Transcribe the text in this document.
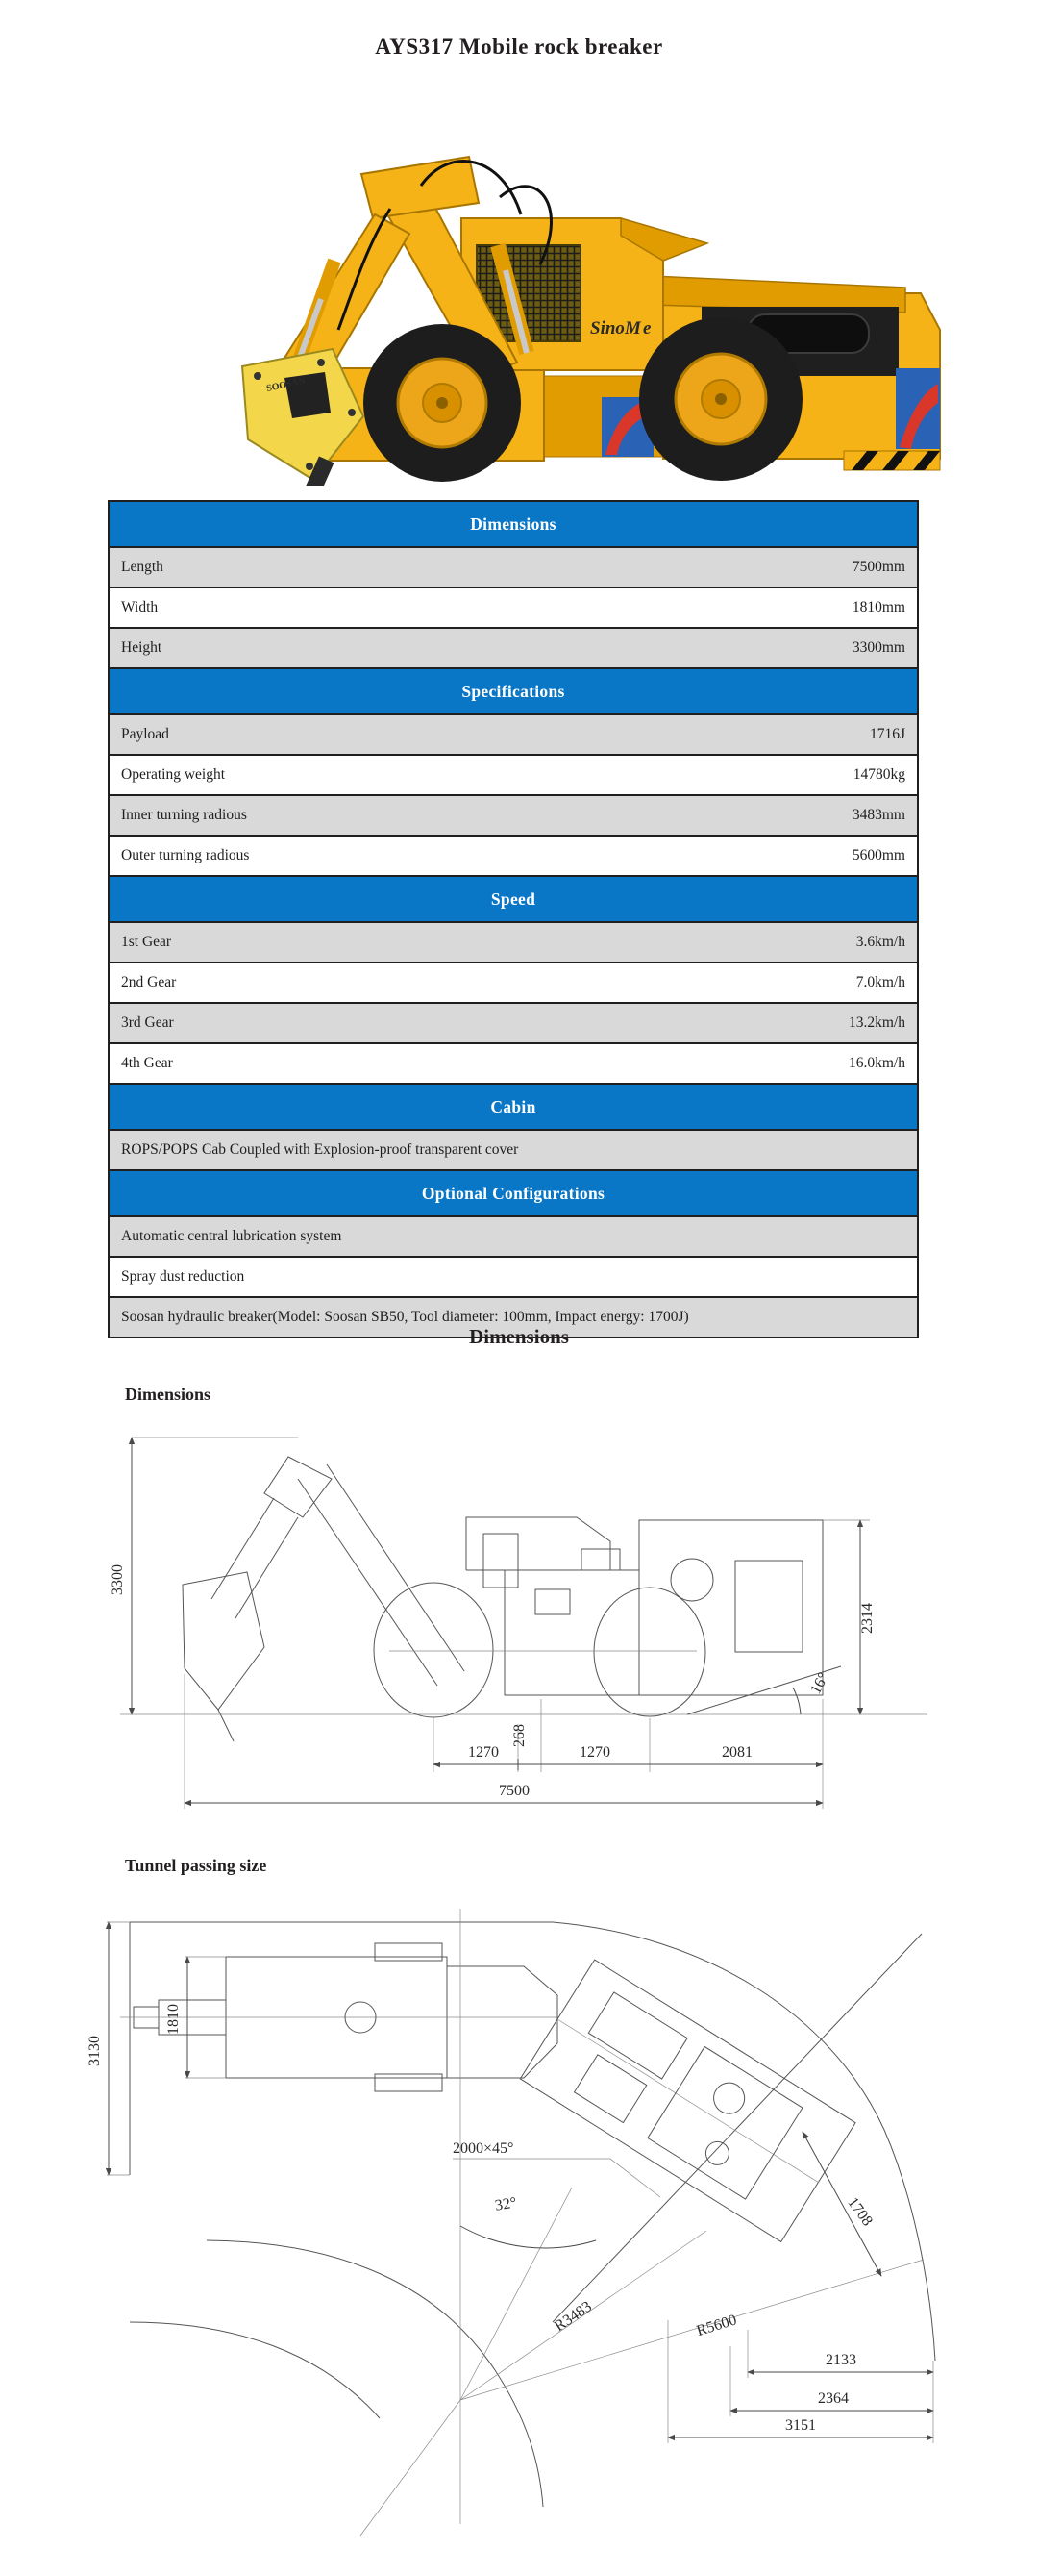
AYS317 Mobile rock breaker
Sino M e
SOOSAN
Dimensions	
Length	7500mm
Width	1810mm
Height	3300mm
Specifications	
Payload	1716J
Operating weight	14780kg
Inner turning radious	3483mm
Outer turning radious	5600mm
Speed	
1st Gear	3.6km/h
2nd Gear	7.0km/h
3rd Gear	13.2km/h
4th Gear	16.0km/h
Cabin	
ROPS/POPS Cab Coupled with Explosion-proof transparent cover	
Optional Configurations	
Automatic central lubrication system	
Spray dust reduction	
Soosan hydraulic breaker(Model: Soosan SB50, Tool diameter: 100mm, Impact energy: 1700J)	
Dimensions
Dimensions
3300
2314
16°
268
1270	1270	2081
7500
Tunnel passing size
3130
1810
2000×45°
32°	1708
R3483	R5600
2133
2364
3151
